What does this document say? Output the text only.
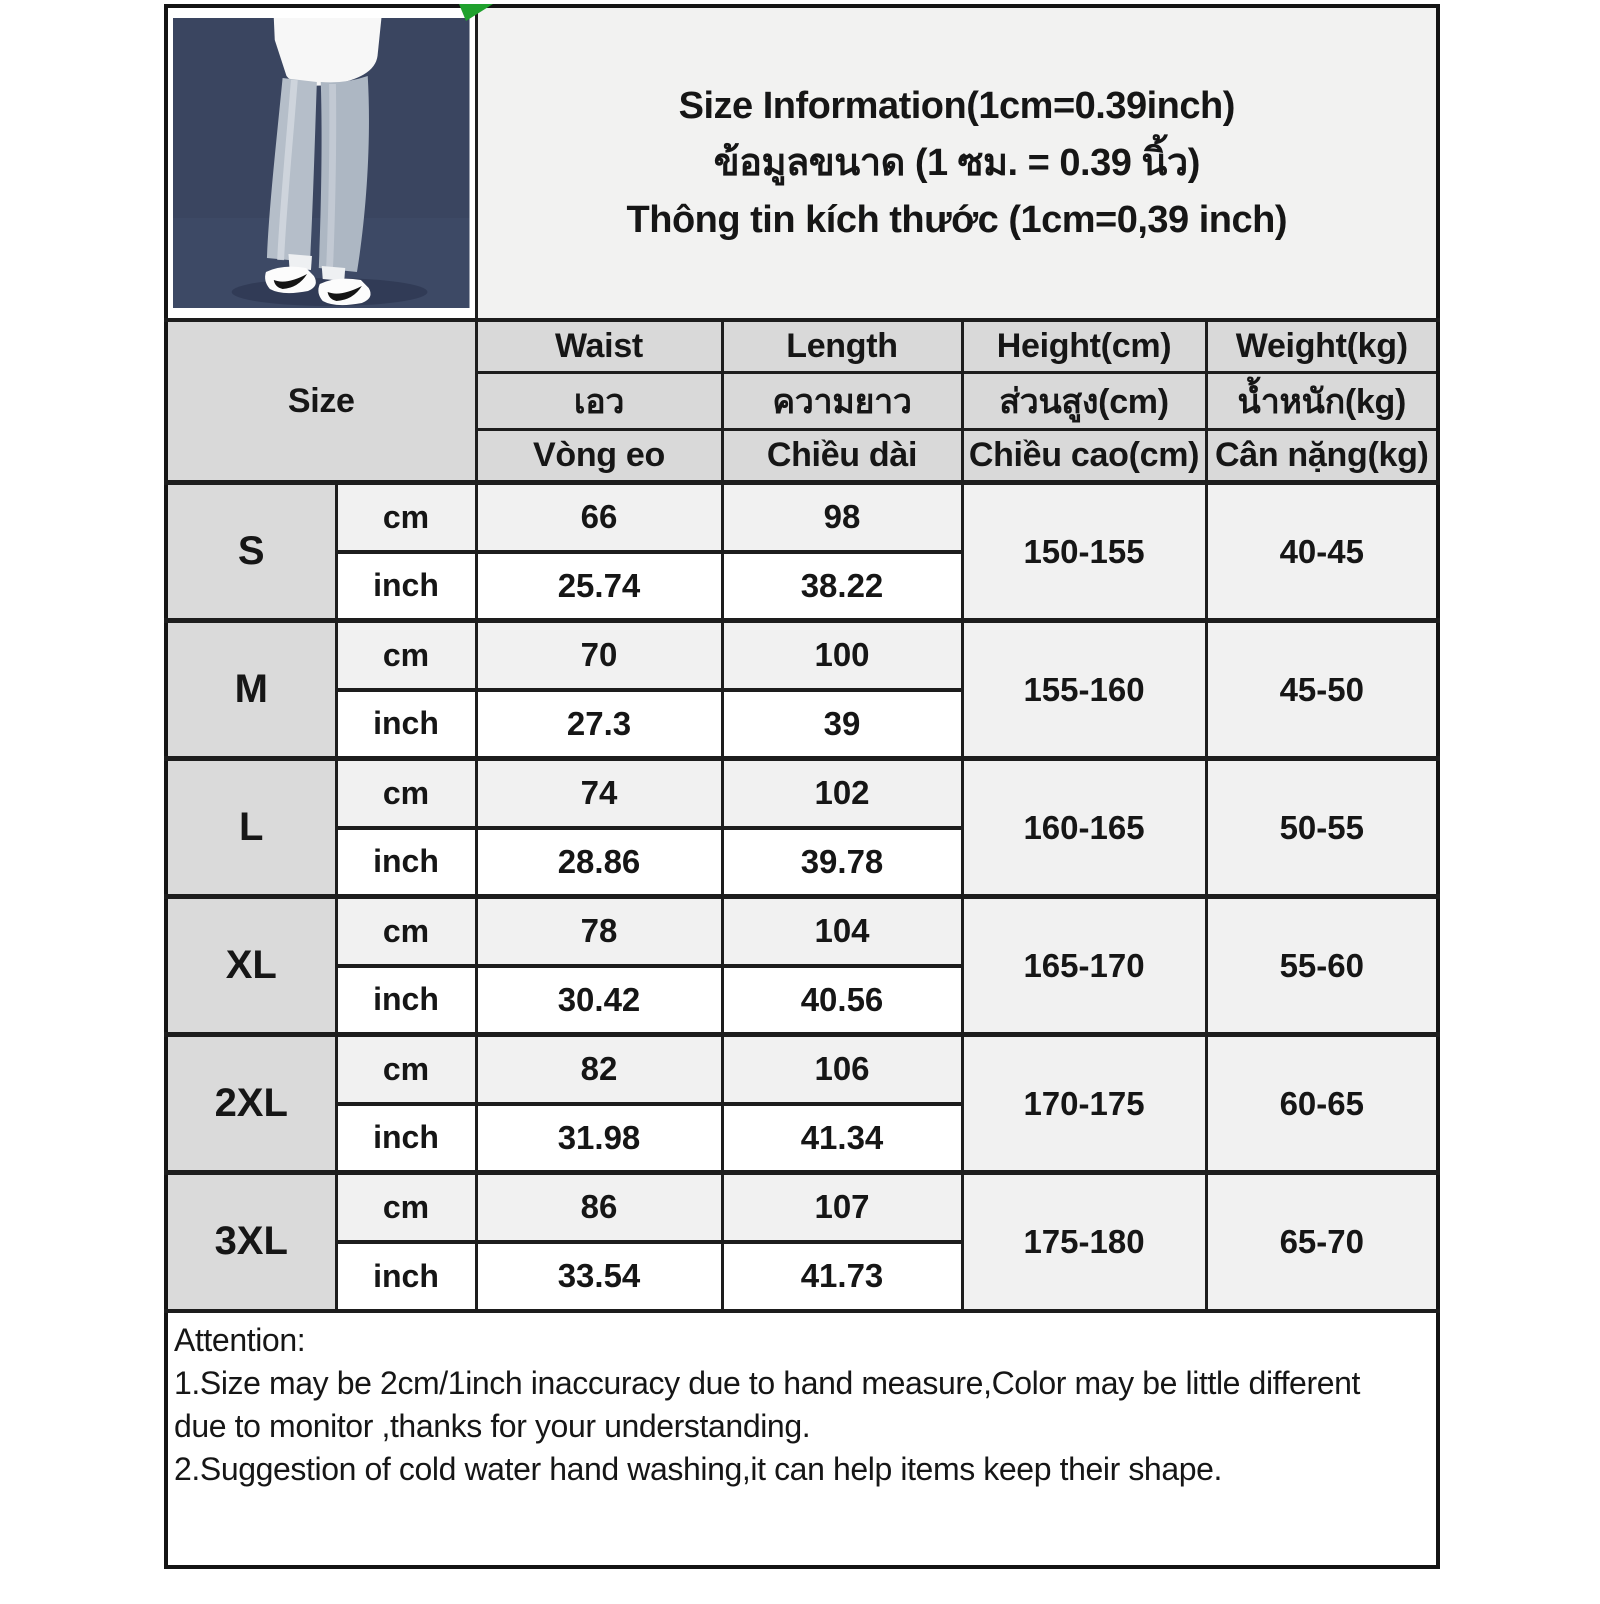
Size Information(1cm=0.39inch)
ข้อมูลขนาด (1 ซม. = 0.39 นิ้ว)
Thông tin kích thước (1cm=0,39 inch)			

Size		Waist	Length	Height(cm)	Weight(kg)
		เอว	ความยาว	ส่วนสูง(cm)	น้ำหนัก(kg)
		Vòng eo	Chiều dài	Chiều cao(cm)	Cân nặng(kg)
S	cm	66	98	150-155	40-45
	inch	25.74	38.22		
M	cm	70	100	155-160	45-50
	inch	27.3	39		
L	cm	74	102	160-165	50-55
	inch	28.86	39.78		
XL	cm	78	104	165-170	55-60
	inch	30.42	40.56		
2XL	cm	82	106	170-175	60-65
	inch	31.98	41.34		
3XL	cm	86	107	175-180	65-70
	inch	33.54	41.73		

Attention:
1.Size may be 2cm/1inch inaccuracy due to hand measure,Color may be little different
due to monitor ,thanks for your understanding.
2.Suggestion of cold water hand washing,it can help items keep their shape.					
